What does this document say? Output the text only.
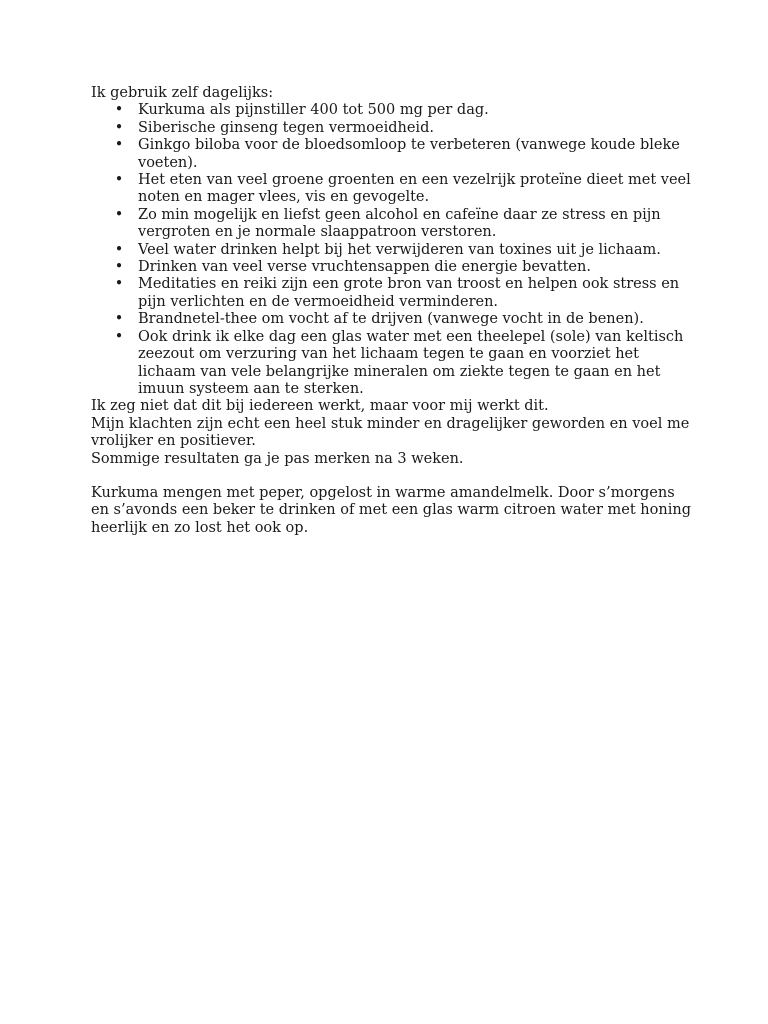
Ik gebruik zelf dagelijks:

• Kurkuma als pijnstiller 400 tot 500 mg per dag.
• Siberische ginseng tegen vermoeidheid.
• Ginkgo biloba voor de bloedsomloop te verbeteren (vanwege koude bleke voeten).
• Het eten van veel groene groenten en een vezelrijk proteïne dieet met veel noten en mager vlees, vis en gevogelte.
• Zo min mogelijk en liefst geen alcohol en cafeïne daar ze stress en pijn vergroten en je normale slaappatroon verstoren.
• Veel water drinken helpt bij het verwijderen van toxines uit je lichaam.
• Drinken van veel verse vruchtensappen die energie bevatten.
• Meditaties en reiki zijn een grote bron van troost en helpen ook stress en pijn verlichten en de vermoeidheid verminderen.
• Brandnetel-thee om vocht af te drijven (vanwege vocht in de benen).
• Ook drink ik elke dag een glas water met een theelepel (sole) van keltisch zeezout om verzuring van het lichaam tegen te gaan en voorziet het lichaam van vele belangrijke mineralen om ziekte tegen te gaan en het imuun systeem aan te sterken.

Ik zeg niet dat dit bij iedereen werkt, maar voor mij werkt dit.

Mijn klachten zijn echt een heel stuk minder en dragelijker geworden en voel me vrolijker en positiever.

Sommige resultaten ga je pas merken na 3 weken.

Kurkuma mengen met peper, opgelost in warme amandelmelk. Door s’morgens en s’avonds een beker te drinken of met een glas warm citroen water met honing heerlijk en zo lost het ook op.
